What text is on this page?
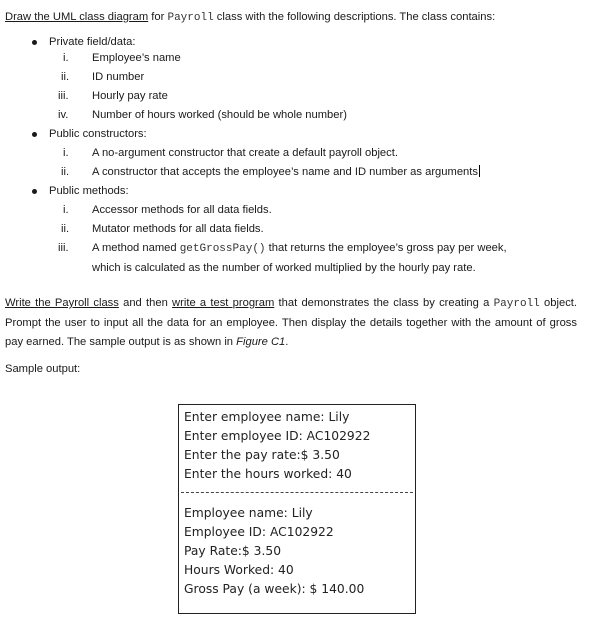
Draw the UML class diagram for Payroll class with the following descriptions. The class contains:
Private field/data:
i. Employee’s name
ii. ID number
iii. Hourly pay rate
iv. Number of hours worked (should be whole number)
Public constructors:
i. A no-argument constructor that create a default payroll object.
ii. A constructor that accepts the employee’s name and ID number as arguments
Public methods:
i. Accessor methods for all data fields.
ii. Mutator methods for all data fields.
iii. A method named getGrossPay() that returns the employee’s gross pay per week,
which is calculated as the number of worked multiplied by the hourly pay rate.
Write the Payroll class and then write a test program that demonstrates the class by creating a Payroll object. Prompt the user to input all the data for an employee. Then display the details together with the amount of gross pay earned. The sample output is as shown in Figure C1.
Sample output:
Enter employee name: Lily
Enter employee ID: AC102922
Enter the pay rate:$ 3.50
Enter the hours worked: 40
Employee name: Lily
Employee ID: AC102922
Pay Rate:$ 3.50
Hours Worked: 40
Gross Pay (a week): $ 140.00
